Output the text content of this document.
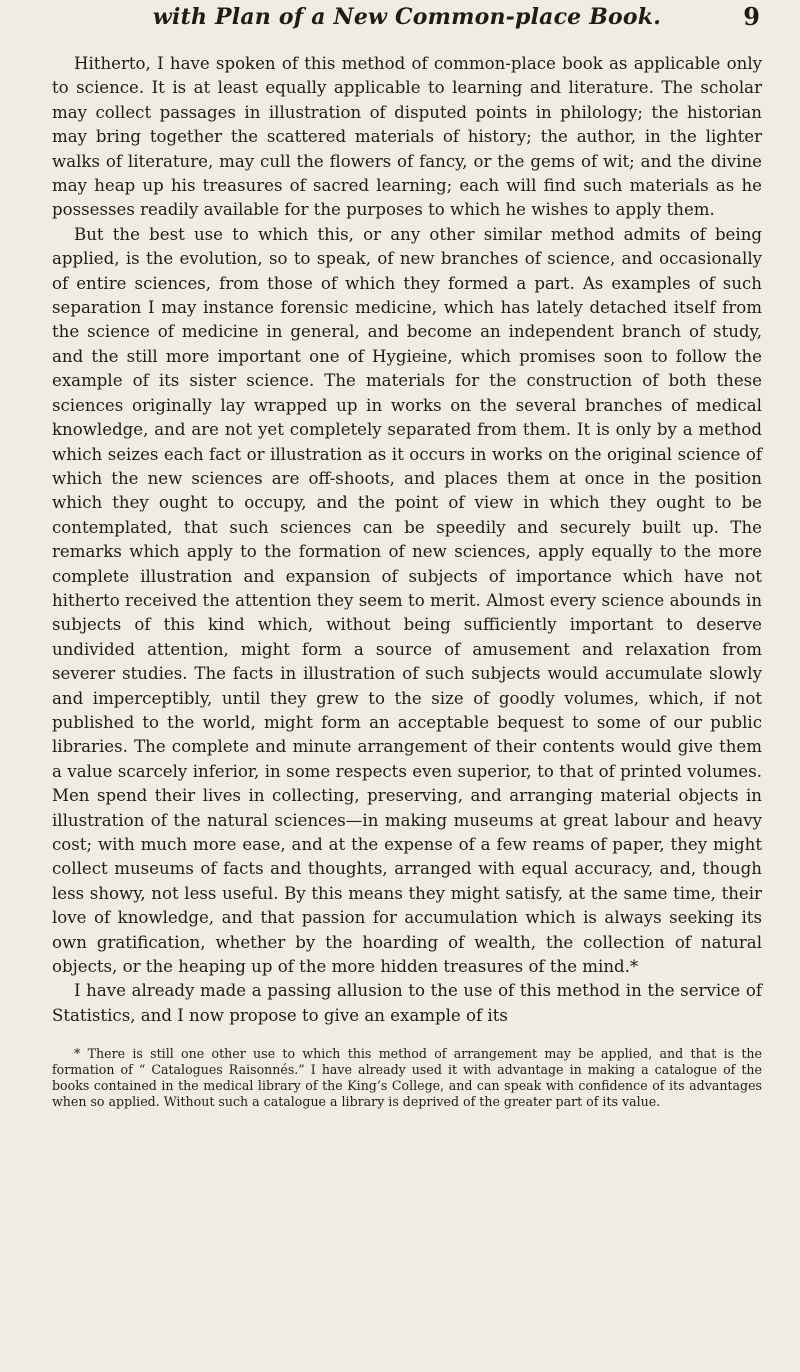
with Plan of a New Common-place Book.	9

Hitherto, I have spoken of this method of common-place book as applicable only to science. It is at least equally applicable to learning and literature. The scholar may collect passages in illustration of disputed points in philology; the historian may bring together the scattered materials of history; the author, in the lighter walks of literature, may cull the flowers of fancy, or the gems of wit; and the divine may heap up his treasures of sacred learning; each will find such materials as he possesses readily available for the purposes to which he wishes to apply them.

But the best use to which this, or any other similar method admits of being applied, is the evolution, so to speak, of new branches of science, and occasionally of entire sciences, from those of which they formed a part. As examples of such separation I may instance forensic medicine, which has lately detached itself from the science of medicine in general, and become an independent branch of study, and the still more important one of Hygieine, which promises soon to follow the example of its sister science. The materials for the construction of both these sciences originally lay wrapped up in works on the several branches of medical knowledge, and are not yet completely separated from them. It is only by a method which seizes each fact or illustration as it occurs in works on the original science of which the new sciences are off-shoots, and places them at once in the position which they ought to occupy, and the point of view in which they ought to be contemplated, that such sciences can be speedily and securely built up. The remarks which apply to the formation of new sciences, apply equally to the more complete illustration and expansion of subjects of importance which have not hitherto received the attention they seem to merit. Almost every science abounds in subjects of this kind which, without being sufficiently important to deserve undivided attention, might form a source of amusement and relaxation from severer studies. The facts in illustration of such subjects would accumulate slowly and imperceptibly, until they grew to the size of goodly volumes, which, if not published to the world, might form an acceptable bequest to some of our public libraries. The complete and minute arrangement of their contents would give them a value scarcely inferior, in some respects even superior, to that of printed volumes. Men spend their lives in collecting, preserving, and arranging material objects in illustration of the natural sciences—in making museums at great labour and heavy cost; with much more ease, and at the expense of a few reams of paper, they might collect museums of facts and thoughts, arranged with equal accuracy, and, though less showy, not less useful. By this means they might satisfy, at the same time, their love of knowledge, and that passion for accumulation which is always seeking its own gratification, whether by the hoarding of wealth, the collection of natural objects, or the heaping up of the more hidden treasures of the mind.*

I have already made a passing allusion to the use of this method in the service of Statistics, and I now propose to give an example of its

* There is still one other use to which this method of arrangement may be applied, and that is the formation of “ Catalogues Raisonnés.” I have already used it with advantage in making a catalogue of the books contained in the medical library of the King’s College, and can speak with confidence of its advantages when so applied. Without such a catalogue a library is deprived of the greater part of its value.
